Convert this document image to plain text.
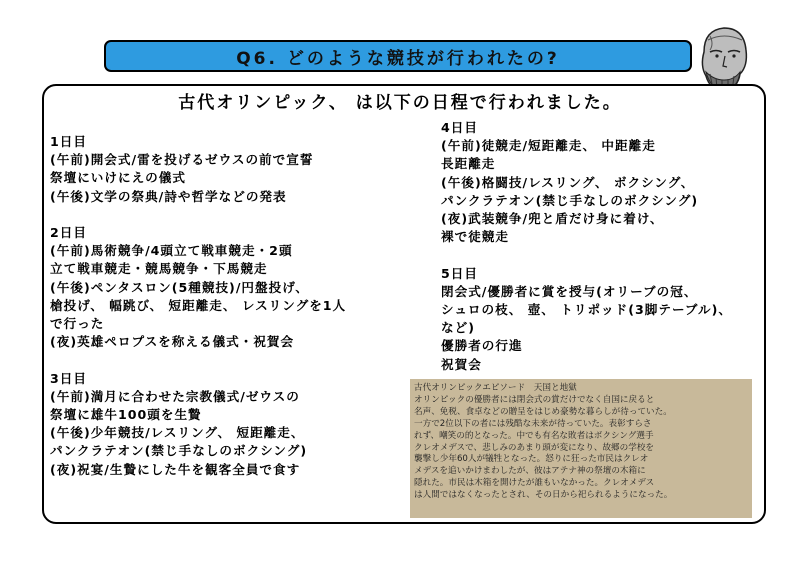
Q6. どのような競技が行われたの?
古代オリンピック、 は以下の日程で行われました。
1日目
(午前)開会式/雷を投げるゼウスの前で宣誓
祭壇にいけにえの儀式
(午後)文学の祭典/詩や哲学などの発表
2日目
(午前)馬術競争/4頭立て戦車競走・2頭
立て戦車競走・競馬競争・下馬競走
(午後)ペンタスロン(5種競技)/円盤投げ、
槍投げ、 幅跳び、 短距離走、 レスリングを1人
で行った
(夜)英雄ペロプスを称える儀式・祝賀会
3日目
(午前)満月に合わせた宗教儀式/ゼウスの
祭壇に雄牛100頭を生贄
(午後)少年競技/レスリング、 短距離走、
パンクラテオン(禁じ手なしのボクシング)
(夜)祝宴/生贄にした牛を観客全員で食す
4日目
(午前)徒競走/短距離走、 中距離走
長距離走
(午後)格闘技/レスリング、 ボクシング、
パンクラテオン(禁じ手なしのボクシング)
(夜)武装競争/兜と盾だけ身に着け、
裸で徒競走
5日目
閉会式/優勝者に賞を授与(オリーブの冠、
シュロの枝、 壺、 トリポッド(3脚テーブル)、
など)
優勝者の行進
祝賀会
古代オリンピックエピソード　天国と地獄
オリンピックの優勝者には閉会式の賞だけでなく自国に戻ると
名声、免税、食卓などの贈呈をはじめ豪勢な暮らしが待っていた。
一方で2位以下の者には残酷な未来が待っていた。表彰すらさ
れず、嘲笑の的となった。中でも有名な敗者はボクシング選手
クレオメデスで、悲しみのあまり頭が変になり、故郷の学校を
襲撃し少年60人が犠牲となった。怒りに狂った市民はクレオ
メデスを追いかけまわしたが、彼はアテナ神の祭壇の木箱に
隠れた。市民は木箱を開けたが誰もいなかった。クレオメデス
は人間ではなくなったとされ、その日から祀られるようになった。
